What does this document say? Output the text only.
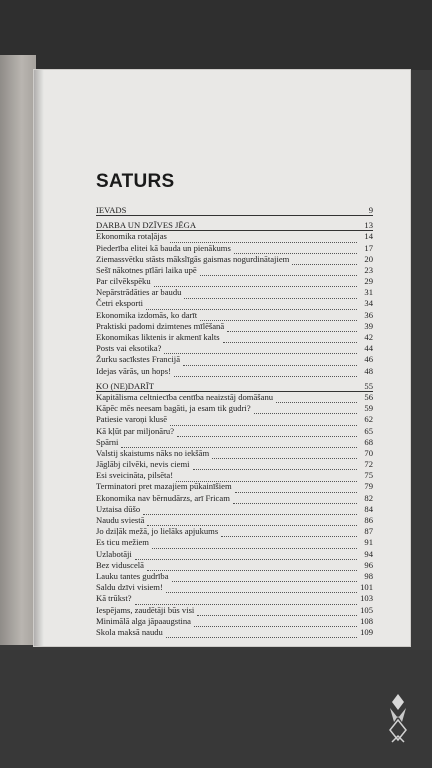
SATURS
IEVADS	9
DARBA UN DZĪVES JĒGA	13
Ekonomika rotaļājas	14
Piederība elitei kā bauda un pienākums	17
Ziemassvētku stāsts mākslīgās gaismas nogurdinātajiem	20
Sešī nākotnes pīlāri laika upē	23
Par cilvēkspēku	29
Nepārstrādāties ar baudu	31
Četri eksporti	34
Ekonomika izdomās, ko darīt	36
Praktiski padomi dzimtenes mīlēšanā	39
Ekonomikas liktenis ir akmenī kalts	42
Posts vai eksotika?	44
Žurku sacīkstes Francijā	46
Idejas vārās, un hops!	48
KO (NE)DARĪT	55
Kapitālisma celtniecība centība neaizstāj domāšanu	56
Kāpēc mēs neesam bagāti, ja esam tik gudri?	59
Patiesie varoņi klusē	62
Kā kļūt par miljonāru?	65
Spārni	68
Valstij skaistums nāks no iekšām	70
Jāglābj cilvēki, nevis ciemi	72
Esi sveicināta, pilsēta!	75
Terminatori pret mazajiem pūkainīšiem	79
Ekonomika nav bērnudārzs, arī Fricam	82
Uztaisa dūšo	84
Naudu sviestā	86
Jo dziļāk mežā, jo lielāks apjukums	87
Es ticu mežiem	91
Uzlabotāji	94
Bez viduscelā	96
Lauku tantes gudrība	98
Saldu dzīvi visiem!	101
Kā trūkst?	103
Iespējams, zaudētāji būs visi	105
Minimālā alga jāpaaugstina	108
Skola maksā naudu	109
